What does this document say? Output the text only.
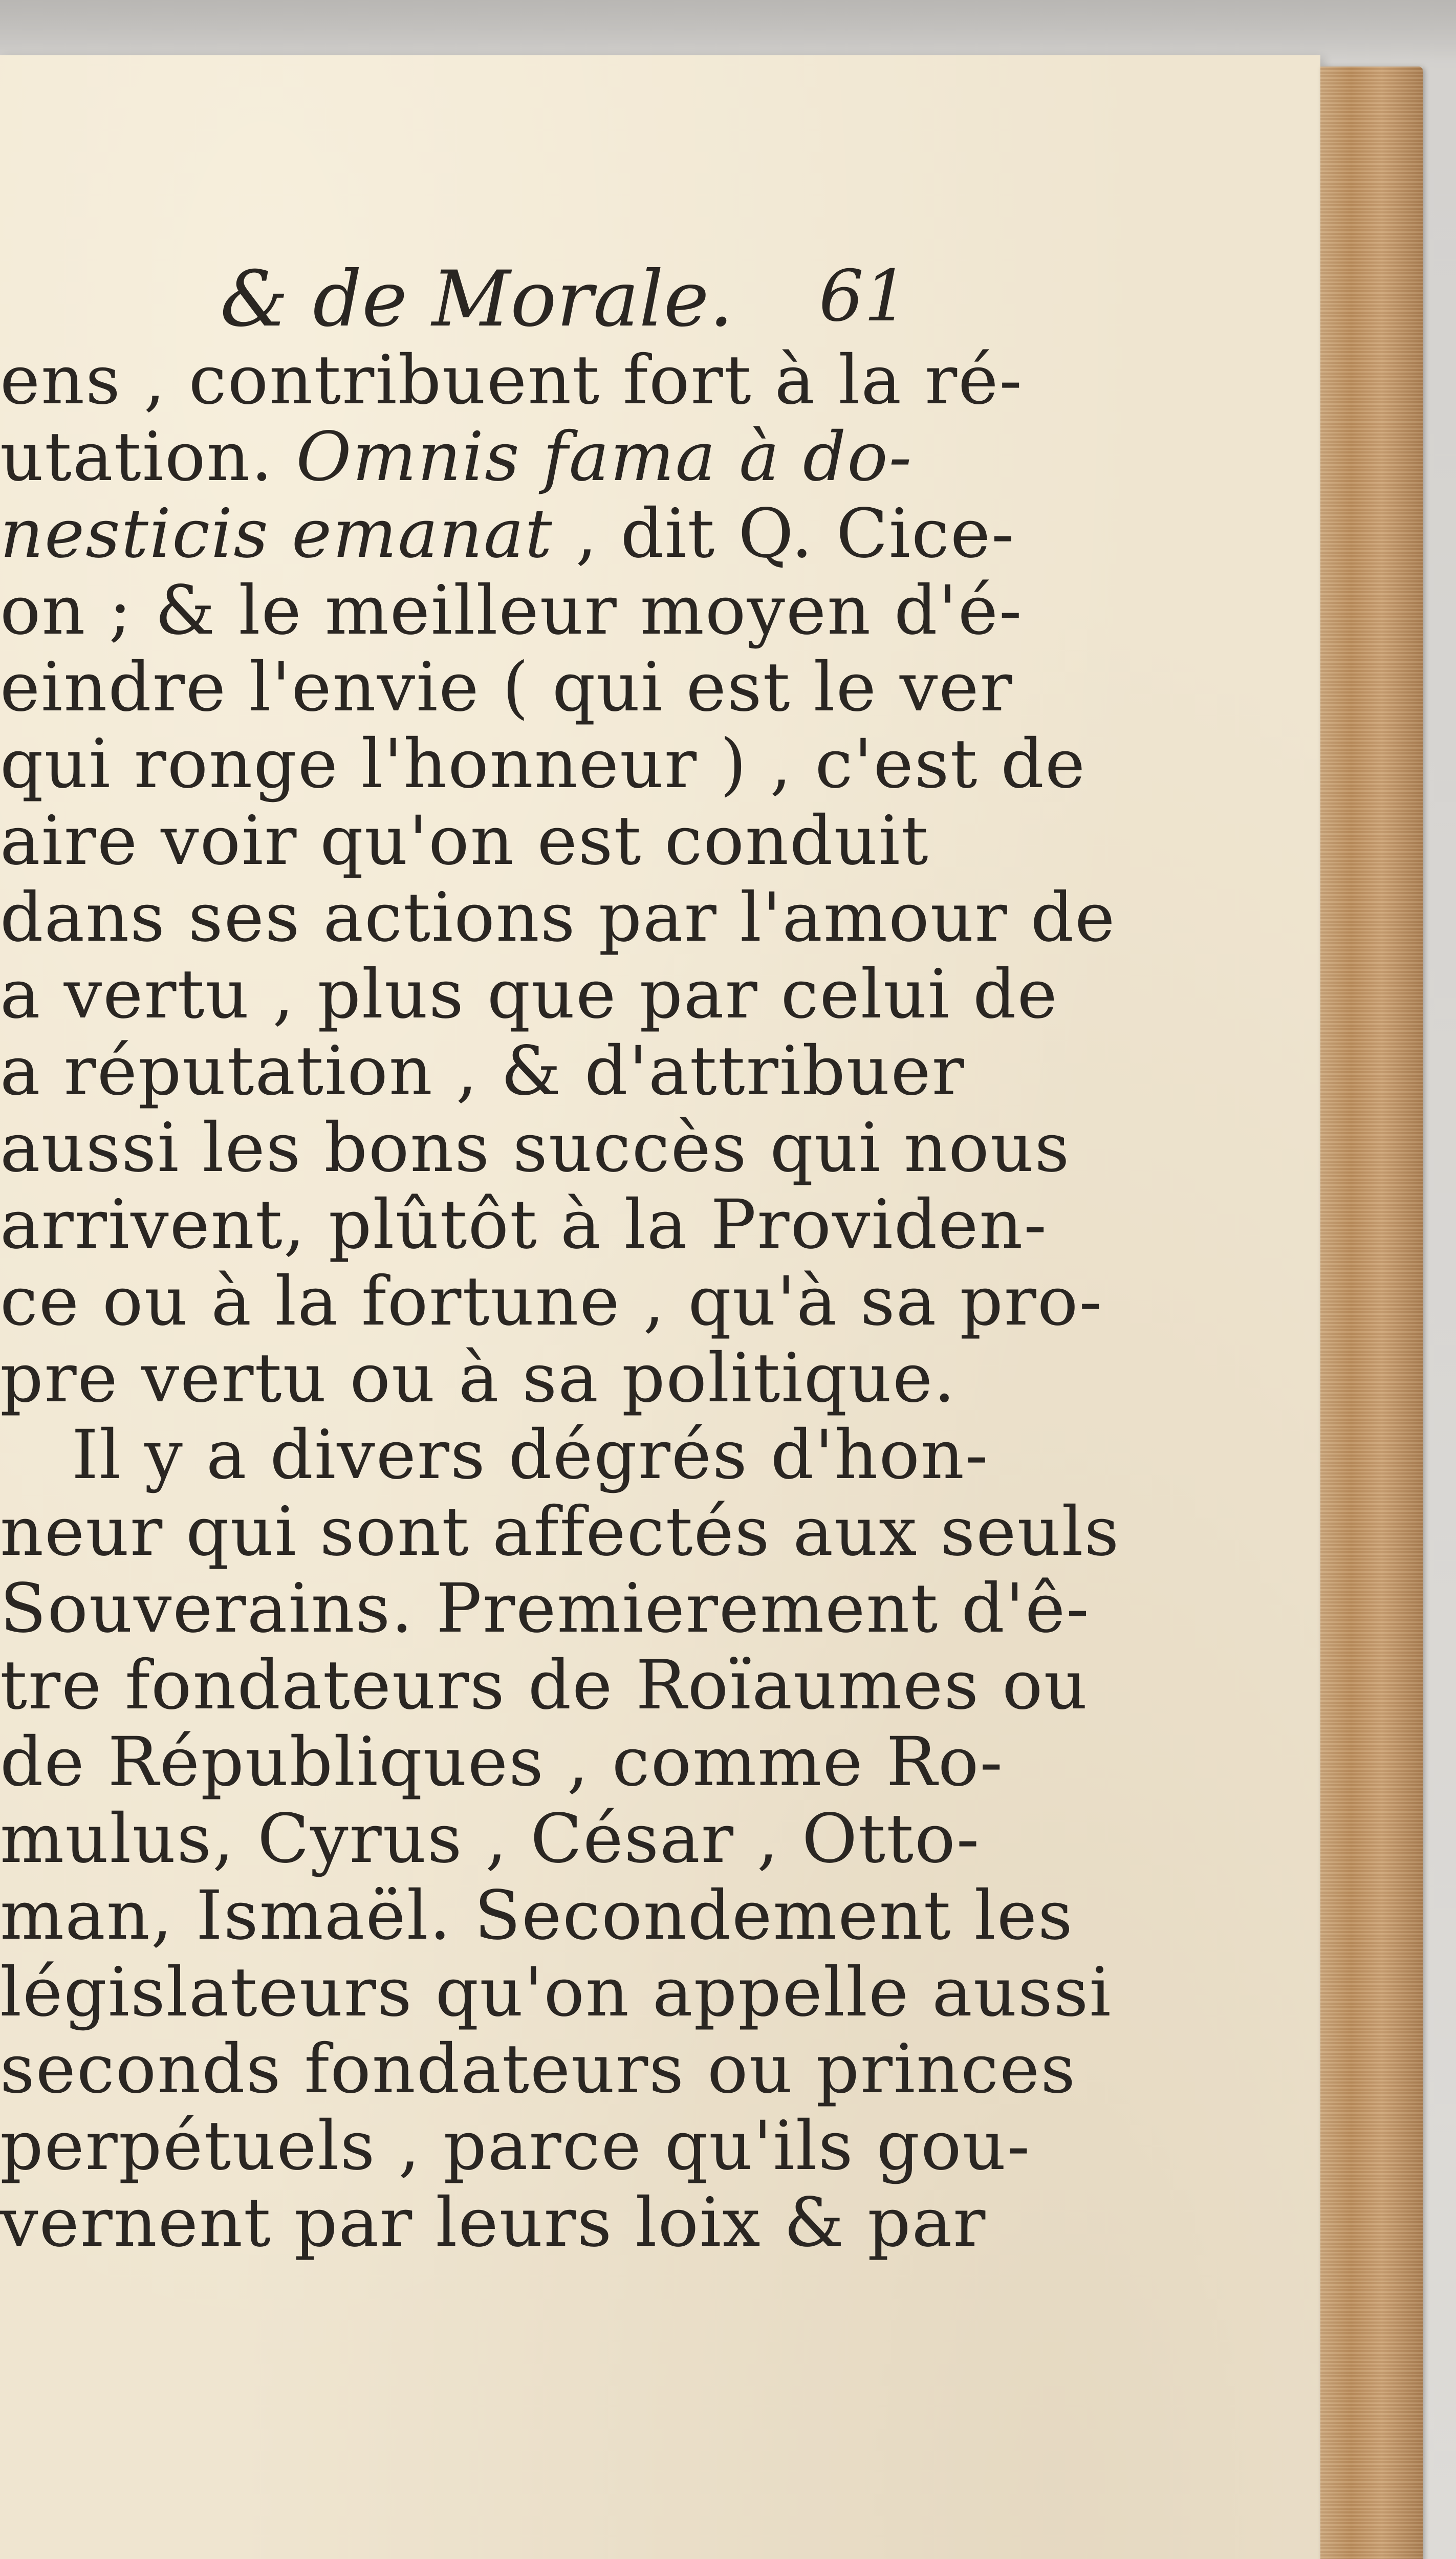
& de Morale. 61
ens , contribuent fort à la ré-
utation. Omnis fama à do-
nesticis emanat , dit Q. Cice-
on ; & le meilleur moyen d'é-
eindre l'envie ( qui est le ver
qui ronge l'honneur ) , c'est de
aire voir qu'on est conduit
dans ses actions par l'amour de
a vertu , plus que par celui de
a réputation , & d'attribuer
aussi les bons succès qui nous
arrivent, plûtôt à la Providen-
ce ou à la fortune , qu'à sa pro-
pre vertu ou à sa politique.
Il y a divers dégrés d'hon-
neur qui sont affectés aux seuls
Souverains. Premierement d'ê-
tre fondateurs de Roïaumes ou
de Républiques , comme Ro-
mulus, Cyrus , César , Otto-
man, Ismaël. Secondement les
législateurs qu'on appelle aussi
seconds fondateurs ou princes
perpétuels , parce qu'ils gou-
vernent par leurs loix & par
